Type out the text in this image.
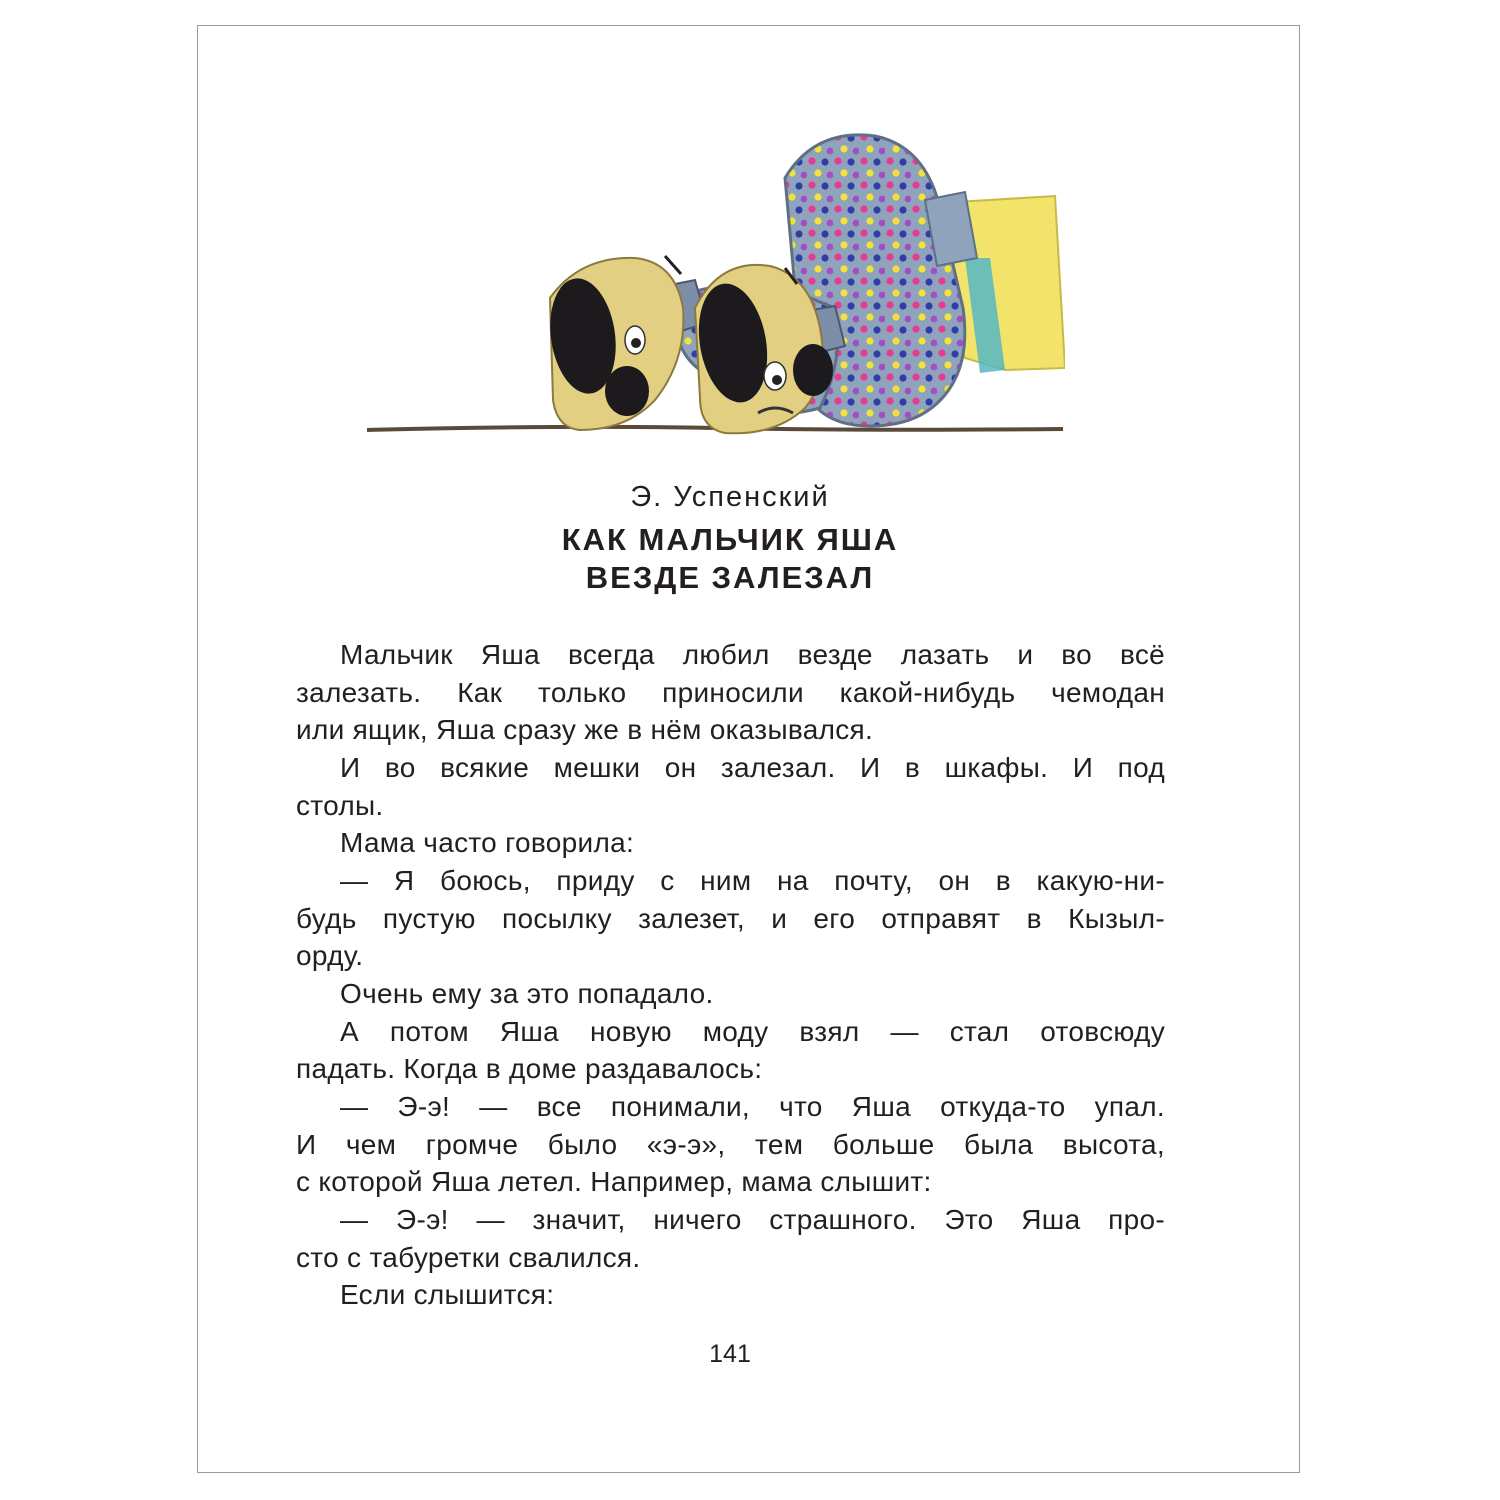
Э. Успенский
КАК МАЛЬЧИК ЯША
ВЕЗДЕ ЗАЛЕЗАЛ
Мальчик Яша всегда любил везде лазать и во всё
залезать. Как только приносили какой-нибудь чемодан
или ящик, Яша сразу же в нём оказывался.
И во всякие мешки он залезал. И в шкафы. И под
столы.
Мама часто говорила:
— Я боюсь, приду с ним на почту, он в какую-ни-
будь пустую посылку залезет, и его отправят в Кызыл-
орду.
Очень ему за это попадало.
А потом Яша новую моду взял — стал отовсюду
падать. Когда в доме раздавалось:
— Э-э! — все понимали, что Яша откуда-то упал.
И чем громче было «э-э», тем больше была высота,
с которой Яша летел. Например, мама слышит:
— Э-э! — значит, ничего страшного. Это Яша про-
сто с табуретки свалился.
Если слышится:
141
